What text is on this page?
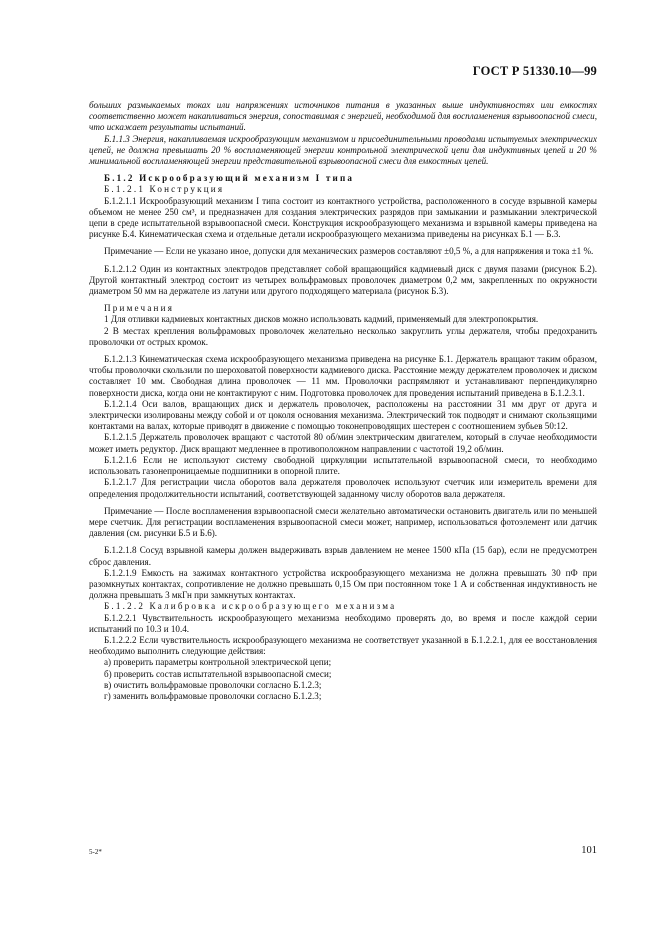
ГОСТ Р 51330.10—99

больших размыкаемых токах или напряжениях источников питания в указанных выше индуктивностях или емкостях соответственно может накапливаться энергия, сопоставимая с энергией, необходимой для воспламенения взрывоопасной смеси, что искажает результаты испытаний.

Б.1.1.3 Энергия, накапливаемая искрообразующим механизмом и присоединительными проводами испытуемых электрических цепей, не должна превышать 20 % воспламеняющей энергии контрольной электрической цепи для индуктивных цепей и 20 % минимальной воспламеняющей энергии представительной взрывоопасной смеси для емкостных цепей.

Б.1.2 Искрообразующий механизм I типа

Б.1.2.1 Конструкция

Б.1.2.1.1 Искрообразующий механизм I типа состоит из контактного устройства, расположенного в сосуде взрывной камеры объемом не менее 250 см³, и предназначен для создания электрических разрядов при замыкании и размыкании электрической цепи в среде испытательной взрывоопасной смеси. Конструкция искрообразующего механизма и взрывной камеры приведена на рисунке Б.4. Кинематическая схема и отдельные детали искрообразующего механизма приведены на рисунках Б.1 — Б.3.

Примечание — Если не указано иное, допуски для механических размеров составляют ±0,5 %, а для напряжения и тока ±1 %.

Б.1.2.1.2 Один из контактных электродов представляет собой вращающийся кадмиевый диск с двумя пазами (рисунок Б.2). Другой контактный электрод состоит из четырех вольфрамовых проволочек диаметром 0,2 мм, закрепленных по окружности диаметром 50 мм на держателе из латуни или другого подходящего материала (рисунок Б.3).

Примечания

1 Для отливки кадмиевых контактных дисков можно использовать кадмий, применяемый для электропокрытия.

2 В местах крепления вольфрамовых проволочек желательно несколько закруглить углы держателя, чтобы предохранить проволочки от острых кромок.

Б.1.2.1.3 Кинематическая схема искрообразующего механизма приведена на рисунке Б.1. Держатель вращают таким образом, чтобы проволочки скользили по шероховатой поверхности кадмиевого диска. Расстояние между держателем проволочек и диском составляет 10 мм. Свободная длина проволочек — 11 мм. Проволочки распрямляют и устанавливают перпендикулярно поверхности диска, когда они не контактируют с ним. Подготовка проволочек для проведения испытаний приведена в Б.1.2.3.1.

Б.1.2.1.4 Оси валов, вращающих диск и держатель проволочек, расположены на расстоянии 31 мм друг от друга и электрически изолированы между собой и от цоколя основания механизма. Электрический ток подводят и снимают скользящими контактами на валах, которые приводят в движение с помощью токонепроводящих шестерен с соотношением зубьев 50:12.

Б.1.2.1.5 Держатель проволочек вращают с частотой 80 об/мин электрическим двигателем, который в случае необходимости может иметь редуктор. Диск вращают медленнее в противоположном направлении с частотой 19,2 об/мин.

Б.1.2.1.6 Если не используют систему свободной циркуляции испытательной взрывоопасной смеси, то необходимо использовать газонепроницаемые подшипники в опорной плите.

Б.1.2.1.7 Для регистрации числа оборотов вала держателя проволочек используют счетчик или измеритель времени для определения продолжительности испытаний, соответствующей заданному числу оборотов вала держателя.

Примечание — После воспламенения взрывоопасной смеси желательно автоматически остановить двигатель или по меньшей мере счетчик. Для регистрации воспламенения взрывоопасной смеси может, например, использоваться фотоэлемент или датчик давления (см. рисунки Б.5 и Б.6).

Б.1.2.1.8 Сосуд взрывной камеры должен выдерживать взрыв давлением не менее 1500 кПа (15 бар), если не предусмотрен сброс давления.

Б.1.2.1.9 Емкость на зажимах контактного устройства искрообразующего механизма не должна превышать 30 пФ при разомкнутых контактах, сопротивление не должно превышать 0,15 Ом при постоянном токе 1 А и собственная индуктивность не должна превышать 3 мкГн при замкнутых контактах.

Б.1.2.2 Калибровка искрообразующего механизма

Б.1.2.2.1 Чувствительность искрообразующего механизма необходимо проверять до, во время и после каждой серии испытаний по 10.3 и 10.4.

Б.1.2.2.2 Если чувствительность искрообразующего механизма не соответствует указанной в Б.1.2.2.1, для ее восстановления необходимо выполнить следующие действия:

а) проверить параметры контрольной электрической цепи;

б) проверить состав испытательной взрывоопасной смеси;

в) очистить вольфрамовые проволочки согласно Б.1.2.3;

г) заменить вольфрамовые проволочки согласно Б.1.2.3;

5-2*	101
